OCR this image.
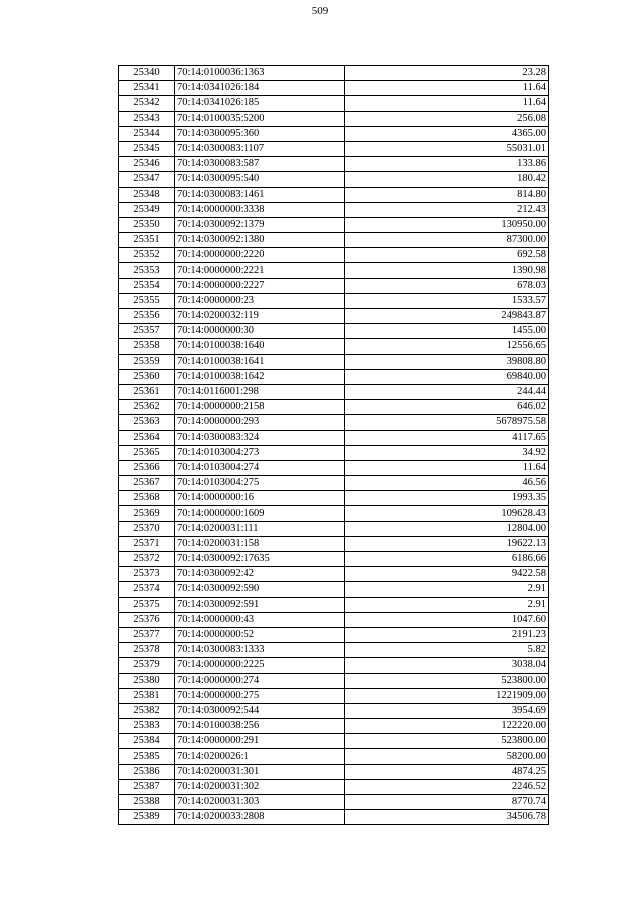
509
25340	70:14:0100036:1363	23.28
25341	70:14:0341026:184	11.64
25342	70:14:0341026:185	11.64
25343	70:14:0100035:5200	256.08
25344	70:14:0300095:360	4365.00
25345	70:14:0300083:1107	55031.01
25346	70:14:0300083:587	133.86
25347	70:14:0300095:540	180.42
25348	70:14:0300083:1461	814.80
25349	70:14:0000000:3338	212.43
25350	70:14:0300092:1379	130950.00
25351	70:14:0300092:1380	87300.00
25352	70:14:0000000:2220	692.58
25353	70:14:0000000:2221	1390.98
25354	70:14:0000000:2227	678.03
25355	70:14:0000000:23	1533.57
25356	70:14:0200032:119	249843.87
25357	70:14:0000000:30	1455.00
25358	70:14:0100038:1640	12556.65
25359	70:14:0100038:1641	39808.80
25360	70:14:0100038:1642	69840.00
25361	70:14:0116001:298	244.44
25362	70:14:0000000:2158	646.02
25363	70:14:0000000:293	5678975.58
25364	70:14:0300083:324	4117.65
25365	70:14:0103004:273	34.92
25366	70:14:0103004:274	11.64
25367	70:14:0103004:275	46.56
25368	70:14:0000000:16	1993.35
25369	70:14:0000000:1609	109628.43
25370	70:14:0200031:111	12804.00
25371	70:14:0200031:158	19622.13
25372	70:14:0300092:17635	6186.66
25373	70:14:0300092:42	9422.58
25374	70:14:0300092:590	2.91
25375	70:14:0300092:591	2.91
25376	70:14:0000000:43	1047.60
25377	70:14:0000000:52	2191.23
25378	70:14:0300083:1333	5.82
25379	70:14:0000000:2225	3038.04
25380	70:14:0000000:274	523800.00
25381	70:14:0000000:275	1221909.00
25382	70:14:0300092:544	3954.69
25383	70:14:0100038:256	122220.00
25384	70:14:0000000:291	523800.00
25385	70:14:0200026:1	58200.00
25386	70:14:0200031:301	4874.25
25387	70:14:0200031:302	2246.52
25388	70:14:0200031:303	8770.74
25389	70:14:0200033:2808	34506.78
